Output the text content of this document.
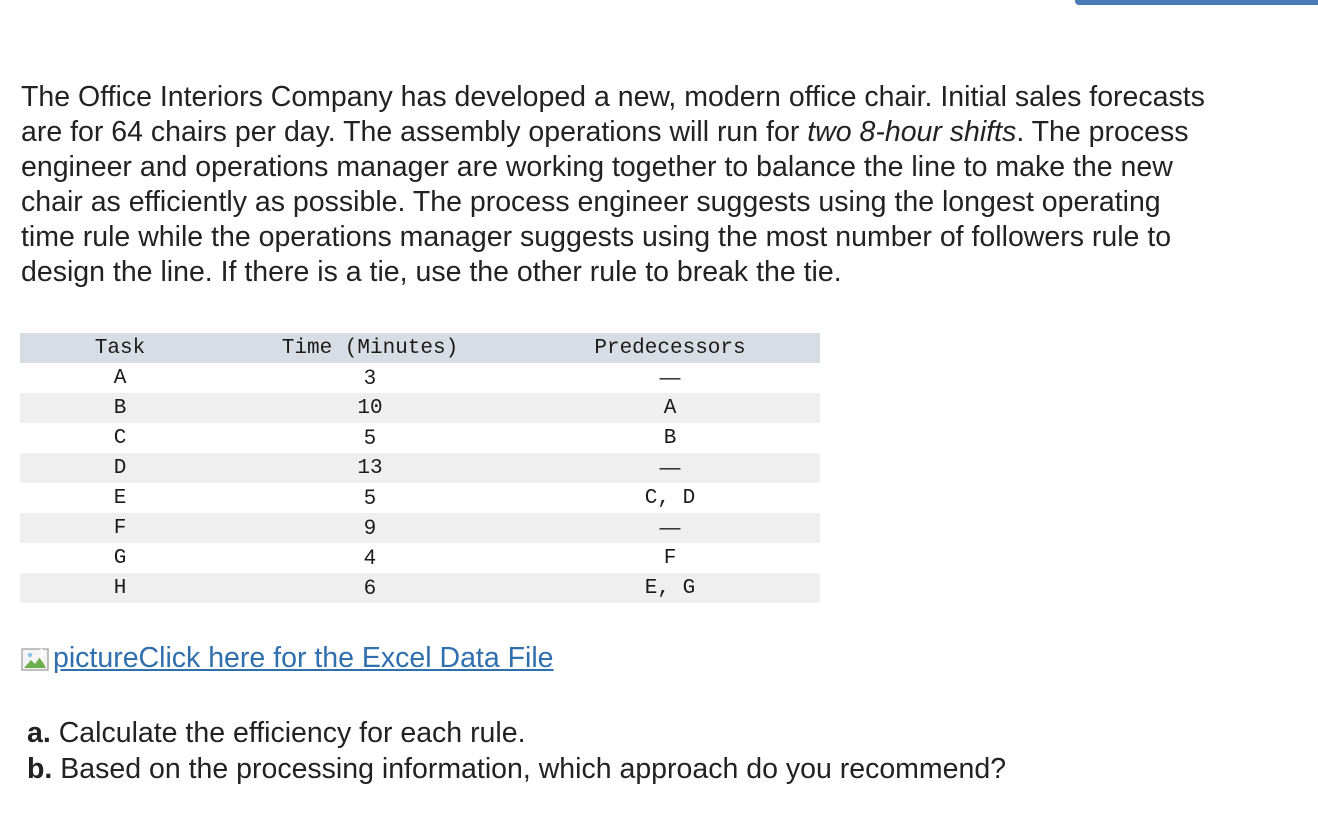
The Office Interiors Company has developed a new, modern office chair. Initial sales forecasts
are for 64 chairs per day. The assembly operations will run for two 8-hour shifts. The process
engineer and operations manager are working together to balance the line to make the new
chair as efficiently as possible. The process engineer suggests using the longest operating
time rule while the operations manager suggests using the most number of followers rule to
design the line. If there is a tie, use the other rule to break the tie.
Task	Time (Minutes)	Predecessors
A	3	—
B	10	A
C	5	B
D	13	—
E	5	C, D
F	9	—
G	4	F
H	6	E, G
picture Click here for the Excel Data File
a. Calculate the efficiency for each rule.
b. Based on the processing information, which approach do you recommend?
